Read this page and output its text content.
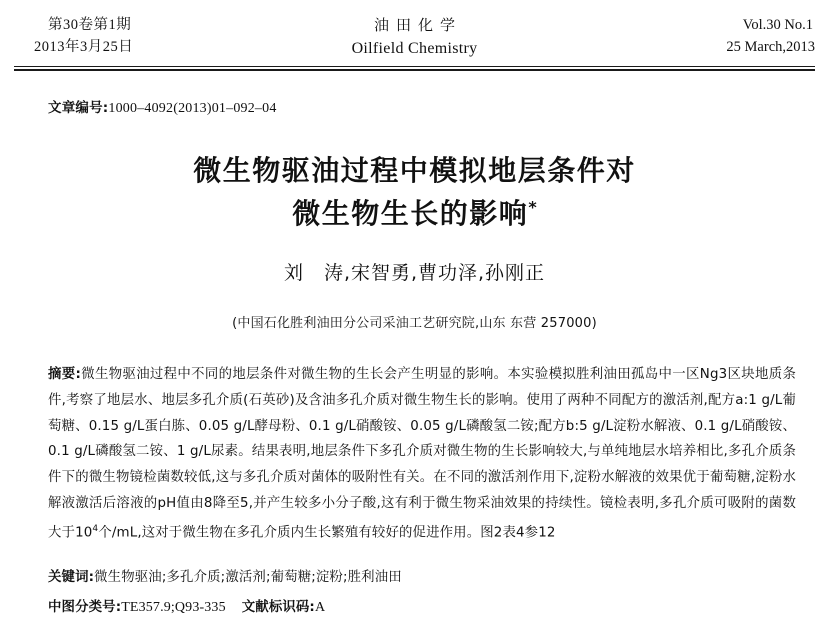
第30卷第1期
2013年3月25日
油田化学
Oilfield Chemistry
Vol.30 No.1
25 March,2013
文章编号:1000–4092(2013)01–092–04
微生物驱油过程中模拟地层条件对
微生物生长的影响*
刘　涛,宋智勇,曹功泽,孙刚正
(中国石化胜利油田分公司采油工艺研究院,山东 东营 257000)
摘要:微生物驱油过程中不同的地层条件对微生物的生长会产生明显的影响。本实验模拟胜利油田孤岛中一区Ng3区块地质条件,考察了地层水、地层多孔介质(石英砂)及含油多孔介质对微生物生长的影响。使用了两种不同配方的激活剂,配方a:1 g/L葡萄糖、0.15 g/L蛋白胨、0.05 g/L酵母粉、0.1 g/L硝酸铵、0.05 g/L磷酸氢二铵;配方b:5 g/L淀粉水解液、0.1 g/L硝酸铵、0.1 g/L磷酸氢二铵、1 g/L尿素。结果表明,地层条件下多孔介质对微生物的生长影响较大,与单纯地层水培养相比,多孔介质条件下的微生物镜检菌数较低,这与多孔介质对菌体的吸附性有关。在不同的激活剂作用下,淀粉水解液的效果优于葡萄糖,淀粉水解液激活后溶液的pH值由8降至5,并产生较多小分子酸,这有利于微生物采油效果的持续性。镜检表明,多孔介质可吸附的菌数大于$10^4$个/mL,这对于微生物在多孔介质内生长繁殖有较好的促进作用。图2表4参12
关键词:微生物驱油;多孔介质;激活剂;葡萄糖;淀粉;胜利油田
中图分类号:TE357.9;Q93-335 文献标识码:A
